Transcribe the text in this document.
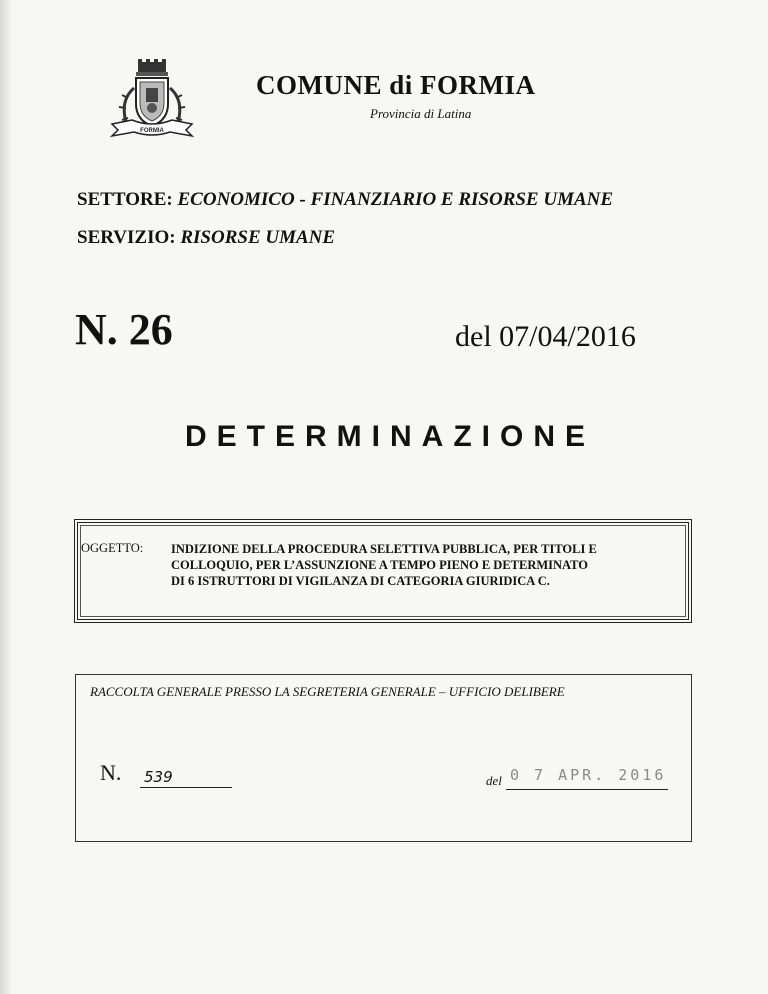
FORMIA
COMUNE di FORMIA
Provincia di Latina
SETTORE: ECONOMICO - FINANZIARIO E RISORSE UMANE
SERVIZIO: RISORSE UMANE
N. 26	del 07/04/2016
DETERMINAZIONE
OGGETTO: INDIZIONE DELLA PROCEDURA SELETTIVA PUBBLICA, PER TITOLI E
COLLOQUIO, PER L’ASSUNZIONE A TEMPO PIENO E DETERMINATO
DI 6 ISTRUTTORI DI VIGILANZA DI CATEGORIA GIURIDICA C.
RACCOLTA GENERALE PRESSO LA SEGRETERIA GENERALE – UFFICIO DELIBERE
N. 539	del 0 7 APR. 2016
